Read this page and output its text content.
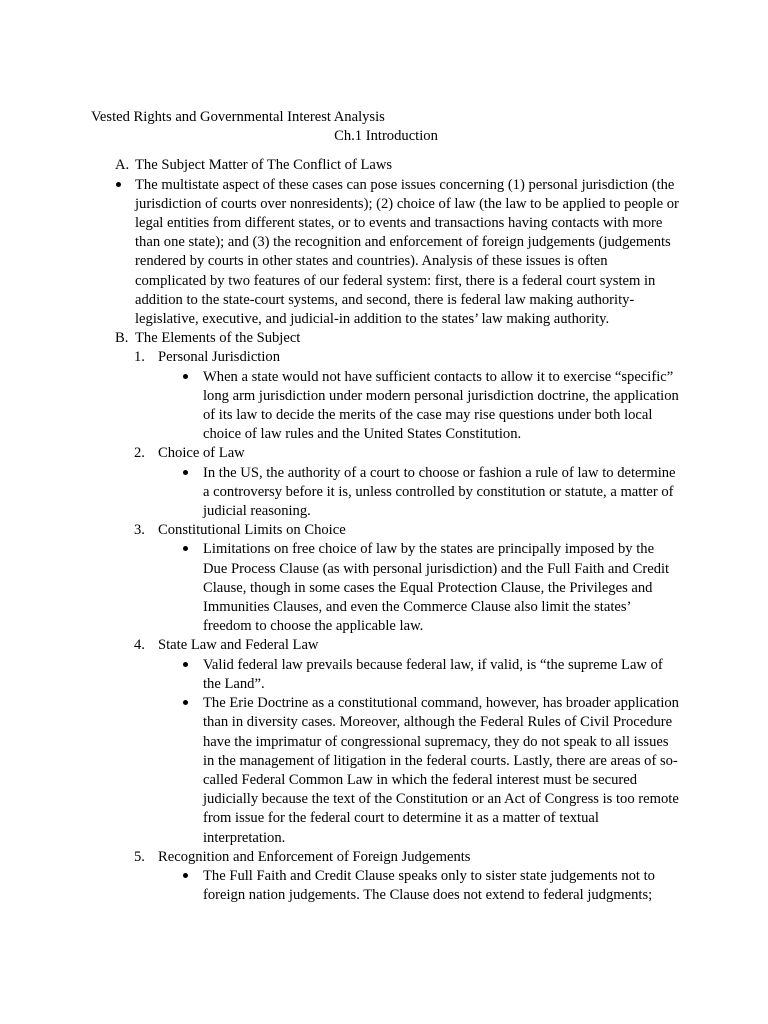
Vested Rights and Governmental Interest Analysis
Ch.1 Introduction
A. The Subject Matter of The Conflict of Laws
The multistate aspect of these cases can pose issues concerning (1) personal jurisdiction (the jurisdiction of courts over nonresidents); (2) choice of law (the law to be applied to people or legal entities from different states, or to events and transactions having contacts with more than one state); and (3) the recognition and enforcement of foreign judgements (judgements rendered by courts in other states and countries). Analysis of these issues is often complicated by two features of our federal system: first, there is a federal court system in addition to the state-court systems, and second, there is federal law making authority-legislative, executive, and judicial-in addition to the states’ law making authority.
B. The Elements of the Subject
1. Personal Jurisdiction
When a state would not have sufficient contacts to allow it to exercise “specific” long arm jurisdiction under modern personal jurisdiction doctrine, the application of its law to decide the merits of the case may rise questions under both local choice of law rules and the United States Constitution.
2. Choice of Law
In the US, the authority of a court to choose or fashion a rule of law to determine a controversy before it is, unless controlled by constitution or statute, a matter of judicial reasoning.
3. Constitutional Limits on Choice
Limitations on free choice of law by the states are principally imposed by the Due Process Clause (as with personal jurisdiction) and the Full Faith and Credit Clause, though in some cases the Equal Protection Clause, the Privileges and Immunities Clauses, and even the Commerce Clause also limit the states’ freedom to choose the applicable law.
4. State Law and Federal Law
Valid federal law prevails because federal law, if valid, is “the supreme Law of the Land”.
The Erie Doctrine as a constitutional command, however, has broader application than in diversity cases. Moreover, although the Federal Rules of Civil Procedure have the imprimatur of congressional supremacy, they do not speak to all issues in the management of litigation in the federal courts. Lastly, there are areas of so-called Federal Common Law in which the federal interest must be secured judicially because the text of the Constitution or an Act of Congress is too remote from issue for the federal court to determine it as a matter of textual interpretation.
5. Recognition and Enforcement of Foreign Judgements
The Full Faith and Credit Clause speaks only to sister state judgements not to foreign nation judgements. The Clause does not extend to federal judgments;
